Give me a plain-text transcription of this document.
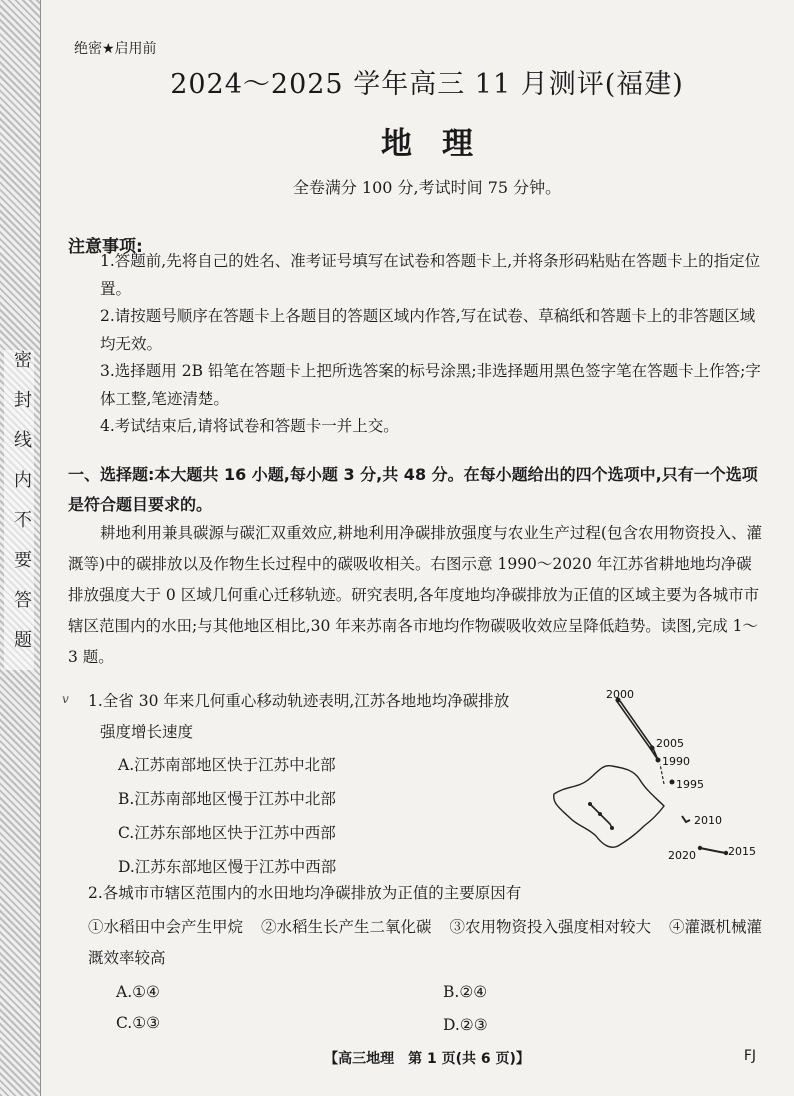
密封线内不要答题
绝密★启用前
2024～2025 学年高三 11 月测评(福建)
地理
全卷满分 100 分,考试时间 75 分钟。
注意事项:
1.答题前,先将自己的姓名、准考证号填写在试卷和答题卡上,并将条形码粘贴在答题卡上的指定位置。
2.请按题号顺序在答题卡上各题目的答题区域内作答,写在试卷、草稿纸和答题卡上的非答题区域均无效。
3.选择题用 2B 铅笔在答题卡上把所选答案的标号涂黑;非选择题用黑色签字笔在答题卡上作答;字体工整,笔迹清楚。
4.考试结束后,请将试卷和答题卡一并上交。
一、选择题:本大题共 16 小题,每小题 3 分,共 48 分。在每小题给出的四个选项中,只有一个选项是符合题目要求的。

耕地利用兼具碳源与碳汇双重效应,耕地利用净碳排放强度与农业生产过程(包含农用物资投入、灌溉等)中的碳排放以及作物生长过程中的碳吸收相关。右图示意 1990～2020 年江苏省耕地地均净碳排放强度大于 0 区域几何重心迁移轨迹。研究表明,各年度地均净碳排放为正值的区域主要为各城市市辖区范围内的水田;与其他地区相比,30 年来苏南各市地均作物碳吸收效应呈降低趋势。读图,完成 1～3 题。

v 1.全省 30 年来几何重心移动轨迹表明,江苏各地地均净碳排放
强度增长速度
A.江苏南部地区快于江苏中北部
B.江苏南部地区慢于江苏中北部
C.江苏东部地区快于江苏中西部
D.江苏东部地区慢于江苏中西部
2000
2005
1990
1995
2010
2020	2015
2.各城市市辖区范围内的水田地均净碳排放为正值的主要原因有
①水稻田中会产生甲烷 ②水稻生长产生二氧化碳 ③农用物资投入强度相对较大 ④灌溉机械灌溉效率较高
A.①④	B.②④
C.①③	D.②③
【高三地理　第 1 页(共 6 页)】	FJ
